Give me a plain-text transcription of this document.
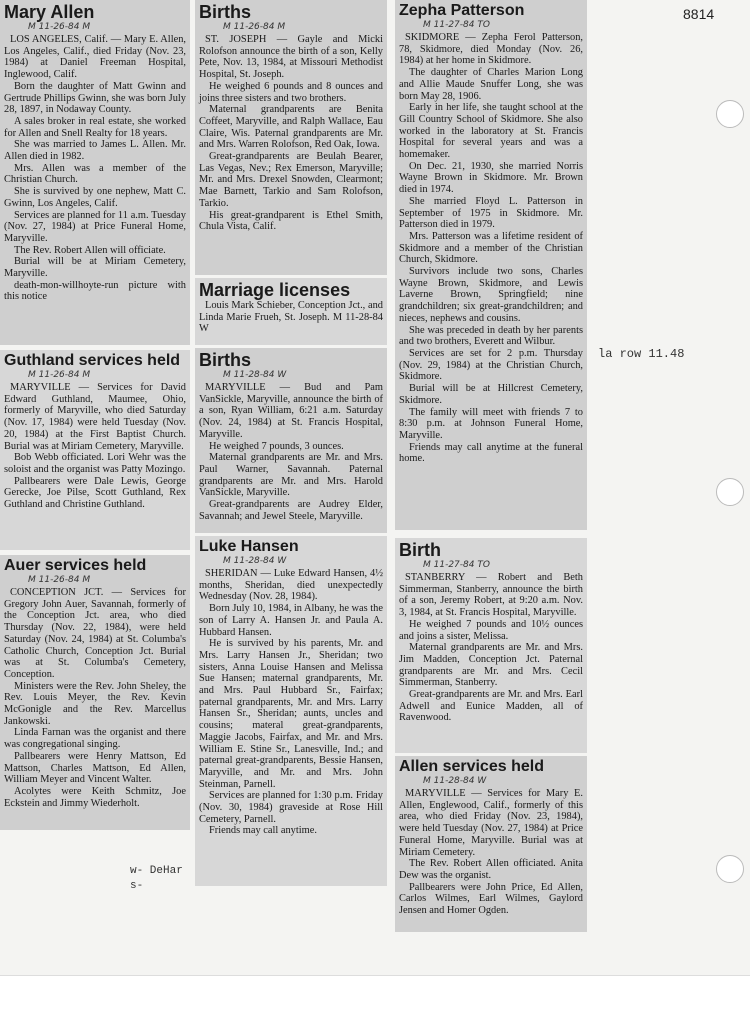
8814
la row 11.48
w- DeHar
s-
Mary Allen
M 11-26-84 M

LOS ANGELES, Calif. — Mary E. Allen, Los Angeles, Calif., died Friday (Nov. 23, 1984) at Daniel Freeman Hospital, Inglewood, Calif.

Born the daughter of Matt Gwinn and Gertrude Phillips Gwinn, she was born July 28, 1897, in Nodaway County.

A sales broker in real estate, she worked for Allen and Snell Realty for 18 years.

She was married to James L. Allen. Mr. Allen died in 1982.

Mrs. Allen was a member of the Christian Church.

She is survived by one nephew, Matt C. Gwinn, Los Angeles, Calif.

Services are planned for 11 a.m. Tuesday (Nov. 27, 1984) at Price Funeral Home, Maryville.

The Rev. Robert Allen will officiate.

Burial will be at Miriam Cemetery, Maryville.

death-mon-willhoyte-run picture with this notice

Guthland services held
M 11-26-84 M

MARYVILLE — Services for David Edward Guthland, Maumee, Ohio, formerly of Maryville, who died Saturday (Nov. 17, 1984) were held Tuesday (Nov. 20, 1984) at the First Baptist Church. Burial was at Miriam Cemetery, Maryville.

Bob Webb officiated. Lori Wehr was the soloist and the organist was Patty Mozingo.

Pallbearers were Dale Lewis, George Gerecke, Joe Pilse, Scott Guthland, Rex Guthland and Christine Guthland.

Auer services held
M 11-26-84 M

CONCEPTION JCT. — Services for Gregory John Auer, Savannah, formerly of the Conception Jct. area, who died Thursday (Nov. 22, 1984), were held Saturday (Nov. 24, 1984) at St. Columba's Catholic Church, Conception Jct. Burial was at St. Columba's Cemetery, Conception.

Ministers were the Rev. John Sheley, the Rev. Louis Meyer, the Rev. Kevin McGonigle and the Rev. Marcellus Jankowski.

Linda Farnan was the organist and there was congregational singing.

Pallbearers were Henry Mattson, Ed Mattson, Charles Mattson, Ed Allen, William Meyer and Vincent Walter.

Acolytes were Keith Schmitz, Joe Eckstein and Jimmy Wiederholt.

Births
M 11-26-84 M

ST. JOSEPH — Gayle and Micki Rolofson announce the birth of a son, Kelly Pete, Nov. 13, 1984, at Missouri Methodist Hospital, St. Joseph.

He weighed 6 pounds and 8 ounces and joins three sisters and two brothers.

Maternal grandparents are Benita Coffeet, Maryville, and Ralph Wallace, Eau Claire, Wis. Paternal grandparents are Mr. and Mrs. Warren Rolofson, Red Oak, Iowa.

Great-grandparents are Beulah Bearer, Las Vegas, Nev.; Rex Emerson, Maryville; Mr. and Mrs. Drexel Snowden, Clearmont; Mae Barnett, Tarkio and Sam Rolofson, Tarkio.

His great-grandparent is Ethel Smith, Chula Vista, Calif.

Marriage licenses

Louis Mark Schieber, Conception Jct., and Linda Marie Frueh, St. Joseph. M 11-28-84 W

Births
M 11-28-84 W

MARYVILLE — Bud and Pam VanSickle, Maryville, announce the birth of a son, Ryan William, 6:21 a.m. Saturday (Nov. 24, 1984) at St. Francis Hospital, Maryville.

He weighed 7 pounds, 3 ounces.

Maternal grandparents are Mr. and Mrs. Paul Warner, Savannah. Paternal grandparents are Mr. and Mrs. Harold VanSickle, Maryville.

Great-grandparents are Audrey Elder, Savannah; and Jewel Steele, Maryville.

Luke Hansen
M 11-28-84 W

SHERIDAN — Luke Edward Hansen, 4½ months, Sheridan, died unexpectedly Wednesday (Nov. 28, 1984).

Born July 10, 1984, in Albany, he was the son of Larry A. Hansen Jr. and Paula A. Hubbard Hansen.

He is survived by his parents, Mr. and Mrs. Larry Hansen Jr., Sheridan; two sisters, Anna Louise Hansen and Melissa Sue Hansen; maternal grandparents, Mr. and Mrs. Paul Hubbard Sr., Fairfax; paternal grandparents, Mr. and Mrs. Larry Hansen Sr., Sheridan; aunts, uncles and cousins; materal great-grandparents, Maggie Jacobs, Fairfax, and Mr. and Mrs. William E. Stine Sr., Lanesville, Ind.; and paternal great-grandparents, Bessie Hansen, Maryville, and Mr. and Mrs. John Steinman, Parnell.

Services are planned for 1:30 p.m. Friday (Nov. 30, 1984) graveside at Rose Hill Cemetery, Parnell.

Friends may call anytime.

Zepha Patterson
M 11-27-84 TO

SKIDMORE — Zepha Ferol Patterson, 78, Skidmore, died Monday (Nov. 26, 1984) at her home in Skidmore.

The daughter of Charles Marion Long and Allie Maude Snuffer Long, she was born May 28, 1906.

Early in her life, she taught school at the Gill Country School of Skidmore. She also worked in the laboratory at St. Francis Hospital for several years and was a homemaker.

On Dec. 21, 1930, she married Norris Wayne Brown in Skidmore. Mr. Brown died in 1974.

She married Floyd L. Patterson in September of 1975 in Skidmore. Mr. Patterson died in 1979.

Mrs. Patterson was a lifetime resident of Skidmore and a member of the Christian Church, Skidmore.

Survivors include two sons, Charles Wayne Brown, Skidmore, and Lewis Laverne Brown, Springfield; nine grandchildren; six great-grandchildren; and nieces, nephews and cousins.

She was preceded in death by her parents and two brothers, Everett and Wilbur.

Services are set for 2 p.m. Thursday (Nov. 29, 1984) at the Christian Church, Skidmore.

Burial will be at Hillcrest Cemetery, Skidmore.

The family will meet with friends 7 to 8:30 p.m. at Johnson Funeral Home, Maryville.

Friends may call anytime at the funeral home.

Birth
M 11-27-84 TO

STANBERRY — Robert and Beth Simmerman, Stanberry, announce the birth of a son, Jeremy Robert, at 9:20 a.m. Nov. 3, 1984, at St. Francis Hospital, Maryville.

He weighed 7 pounds and 10½ ounces and joins a sister, Melissa.

Maternal grandparents are Mr. and Mrs. Jim Madden, Conception Jct. Paternal grandparents are Mr. and Mrs. Cecil Simmerman, Stanberry.

Great-grandparents are Mr. and Mrs. Earl Adwell and Eunice Madden, all of Ravenwood.

Allen services held
M 11-28-84 W

MARYVILLE — Services for Mary E. Allen, Englewood, Calif., formerly of this area, who died Friday (Nov. 23, 1984), were held Tuesday (Nov. 27, 1984) at Price Funeral Home, Maryville. Burial was at Miriam Cemetery.

The Rev. Robert Allen officiated. Anita Dew was the organist.

Pallbearers were John Price, Ed Allen, Carlos Wilmes, Earl Wilmes, Gaylord Jensen and Homer Ogden.
